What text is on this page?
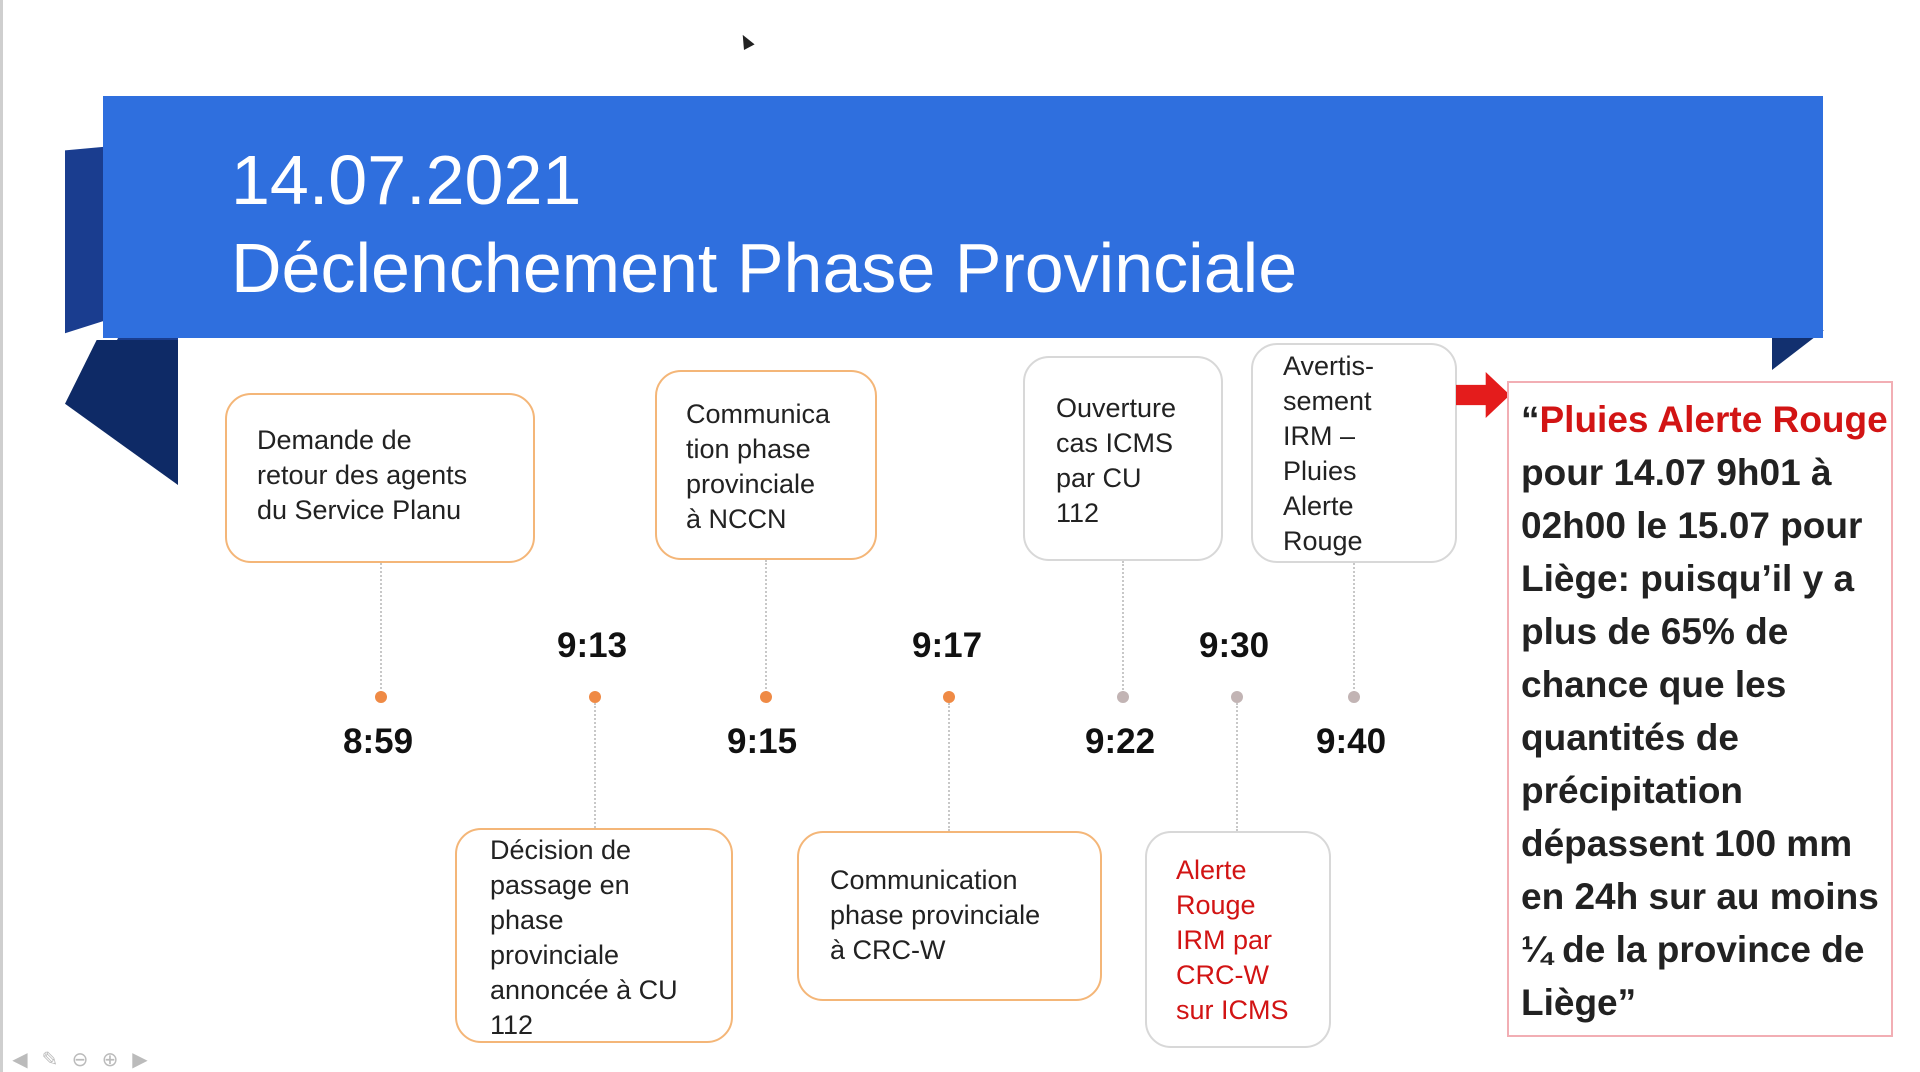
14.07.2021
Déclenchement Phase Provinciale
Demande de
retour des agents
du Service Planu
Communica
tion phase
provinciale
à NCCN
Ouverture
cas ICMS
par CU
112
Avertis-
sement
IRM –
Pluies
Alerte
Rouge
8:59
9:13
9:15
9:17
9:22
9:30
9:40
Décision de
passage en
phase
provinciale
annoncée à CU
112
Communication
phase provinciale
à CRC-W
Alerte
Rouge
IRM par
CRC-W
sur ICMS
“Pluies Alerte Rouge pour 14.07 9h01 à 02h00 le 15.07 pour Liège: puisqu’il y a plus de 65% de chance que les quantités de précipitation dépassent 100 mm en 24h sur au moins ¼ de la province de Liège”
◀ ✎ ⊖ ⊕ ▶
